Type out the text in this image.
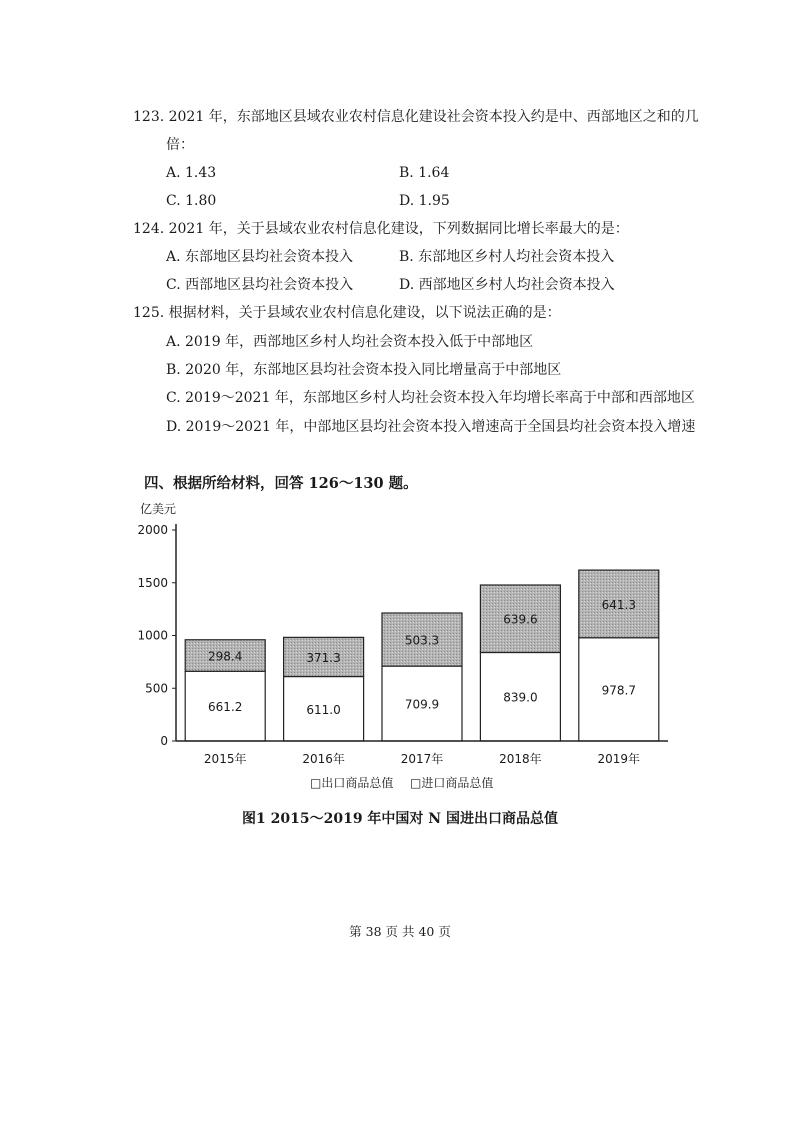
123. 2021 年，东部地区县域农业农村信息化建设社会资本投入约是中、西部地区之和的几
倍：
A. 1.43	B. 1.64
C. 1.80	D. 1.95
124. 2021 年，关于县域农业农村信息化建设，下列数据同比增长率最大的是：
A. 东部地区县均社会资本投入	B. 东部地区乡村人均社会资本投入
C. 西部地区县均社会资本投入	D. 西部地区乡村人均社会资本投入
125. 根据材料，关于县域农业农村信息化建设，以下说法正确的是：
A. 2019 年，西部地区乡村人均社会资本投入低于中部地区
B. 2020 年，东部地区县均社会资本投入同比增量高于中部地区
C. 2019～2021 年，东部地区乡村人均社会资本投入年均增长率高于中部和西部地区
D. 2019～2021 年，中部地区县均社会资本投入增速高于全国县均社会资本投入增速
四、根据所给材料，回答 126～130 题。
亿美元
0
500
1000
1500
2000
661.2
298.4
611.0
371.3
709.9
503.3
839.0
639.6
978.7
641.3
2015年	2016年	2017年	2018年	2019年
□出口商品总值 □进口商品总值
图1 2015～2019 年中国对 N 国进出口商品总值
第 38 页 共 40 页
